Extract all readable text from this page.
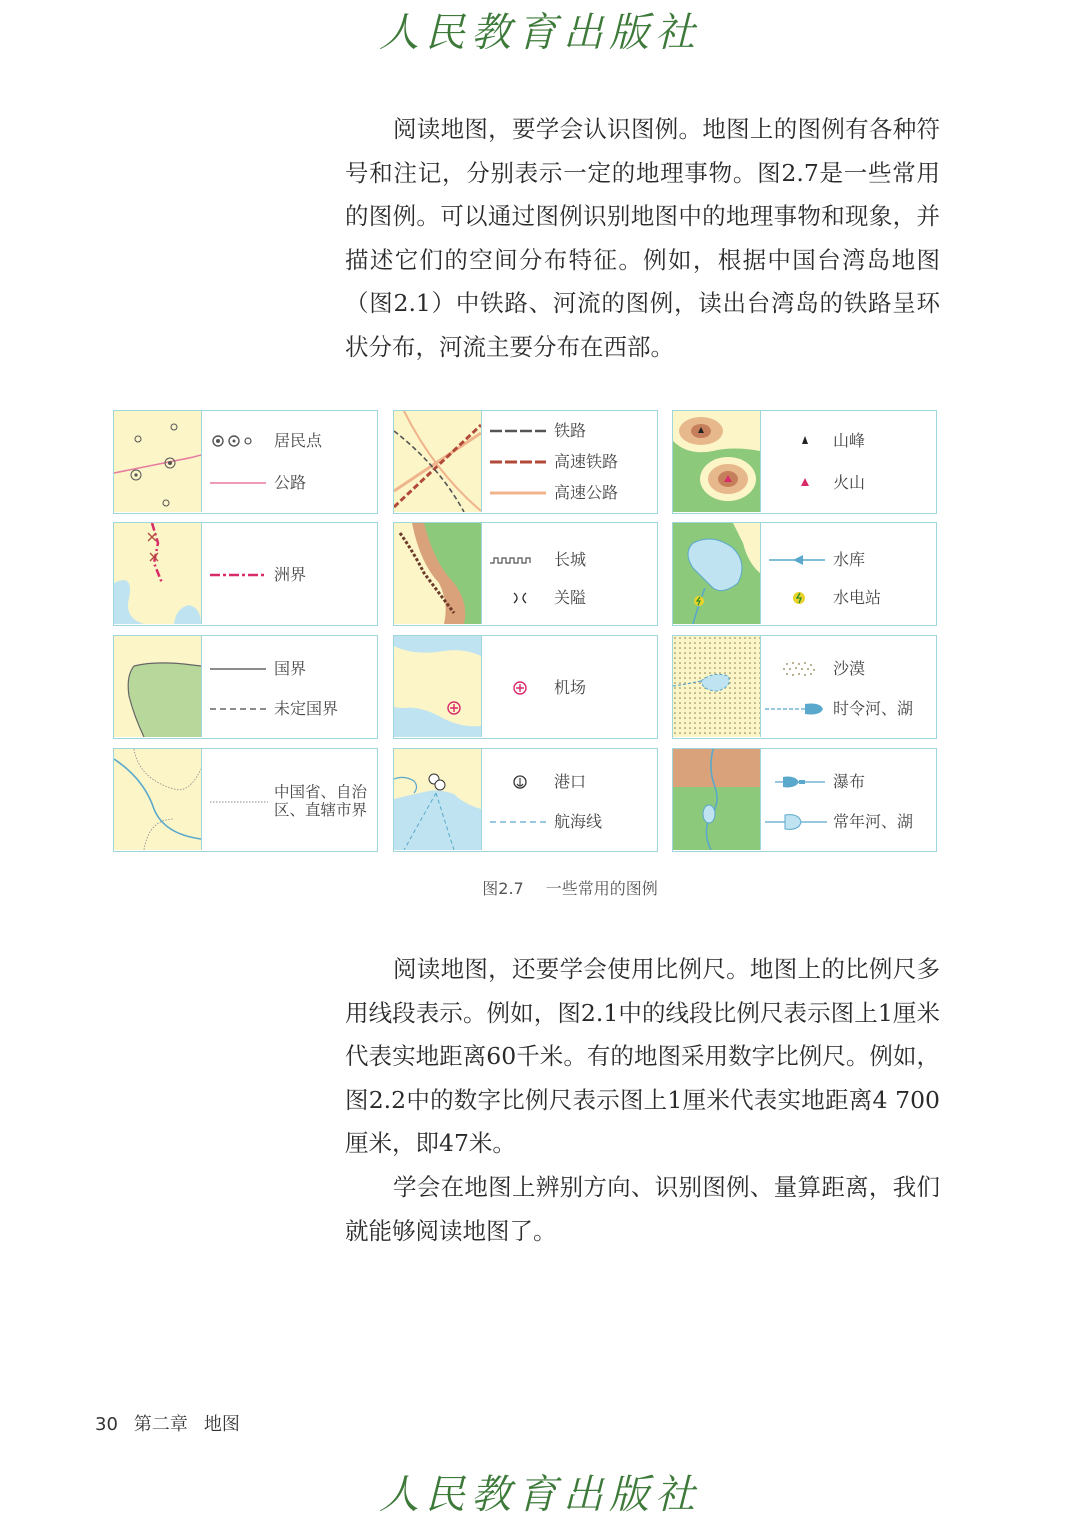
人民教育出版社

阅读地图，要学会认识图例。地图上的图例有各种符号和注记，分别表示一定的地理事物。图2.7是一些常用的图例。可以通过图例识别地图中的地理事物和现象，并描述它们的空间分布特征。例如，根据中国台湾岛地图（图2.1）中铁路、河流的图例，读出台湾岛的铁路呈环状分布，河流主要分布在西部。

居民点
公路
铁路
高速铁路
高速公路
山峰
火山
洲界
长城
关隘
水库
水电站
国界
未定国界
机场
沙漠
时令河、湖
中国省、自治区、直辖市界
港口
航海线
瀑布
常年河、湖
图2.7 一些常用的图例

阅读地图，还要学会使用比例尺。地图上的比例尺多用线段表示。例如，图2.1中的线段比例尺表示图上1厘米代表实地距离60千米。有的地图采用数字比例尺。例如，图2.2中的数字比例尺表示图上1厘米代表实地距离4 700厘米，即47米。

学会在地图上辨别方向、识别图例、量算距离，我们就能够阅读地图了。

30 第二章 地图
人民教育出版社
